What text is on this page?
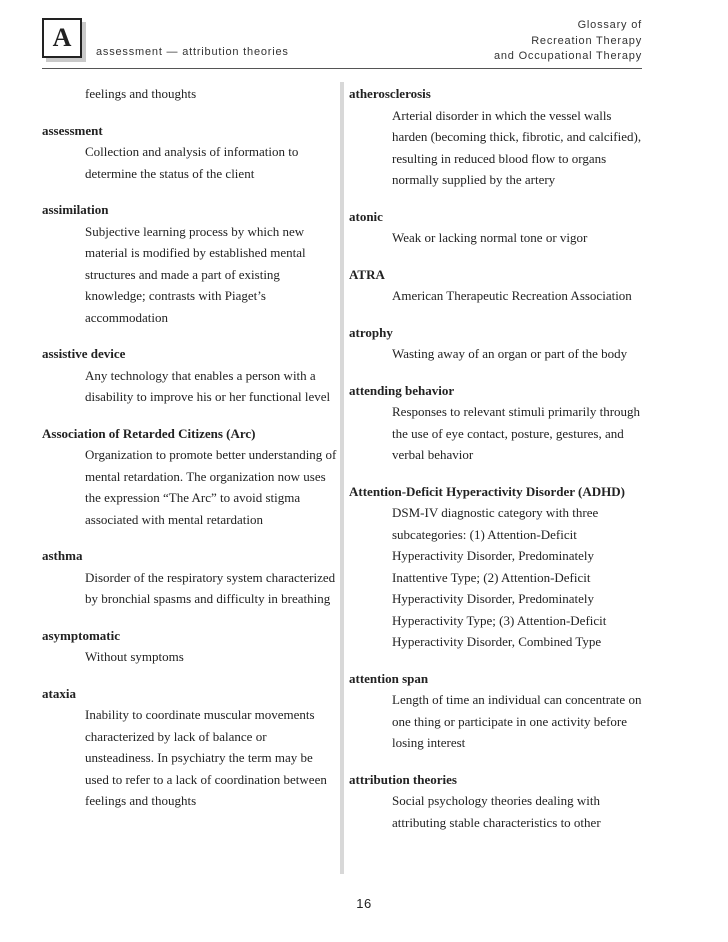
A assessment — attribution theories
Glossary of
Recreation Therapy
and Occupational Therapy
feelings and thoughts
assessment
Collection and analysis of information to determine the status of the client
assimilation
Subjective learning process by which new material is modified by established mental structures and made a part of existing knowledge; contrasts with Piaget’s accommodation
assistive device
Any technology that enables a person with a disability to improve his or her functional level
Association of Retarded Citizens (Arc)
Organization to promote better understanding of mental retardation. The organization now uses the expression “The Arc” to avoid stigma associated with mental retardation
asthma
Disorder of the respiratory system characterized by bronchial spasms and difficulty in breathing
asymptomatic
Without symptoms
ataxia
Inability to coordinate muscular movements characterized by lack of balance or unsteadiness. In psychiatry the term may be used to refer to a lack of coordination between feelings and thoughts
atherosclerosis
Arterial disorder in which the vessel walls harden (becoming thick, fibrotic, and calcified), resulting in reduced blood flow to organs normally supplied by the artery
atonic
Weak or lacking normal tone or vigor
ATRA
American Therapeutic Recreation Association
atrophy
Wasting away of an organ or part of the body
attending behavior
Responses to relevant stimuli primarily through the use of eye contact, posture, gestures, and verbal behavior
Attention-Deficit Hyperactivity Disorder (ADHD)
DSM-IV diagnostic category with three subcategories: (1) Attention-Deficit Hyperactivity Disorder, Predominately Inattentive Type; (2) Attention-Deficit Hyperactivity Disorder, Predominately Hyperactivity Type; (3) Attention-Deficit Hyperactivity Disorder, Combined Type
attention span
Length of time an individual can concentrate on one thing or participate in one activity before losing interest
attribution theories
Social psychology theories dealing with attributing stable characteristics to other
16
